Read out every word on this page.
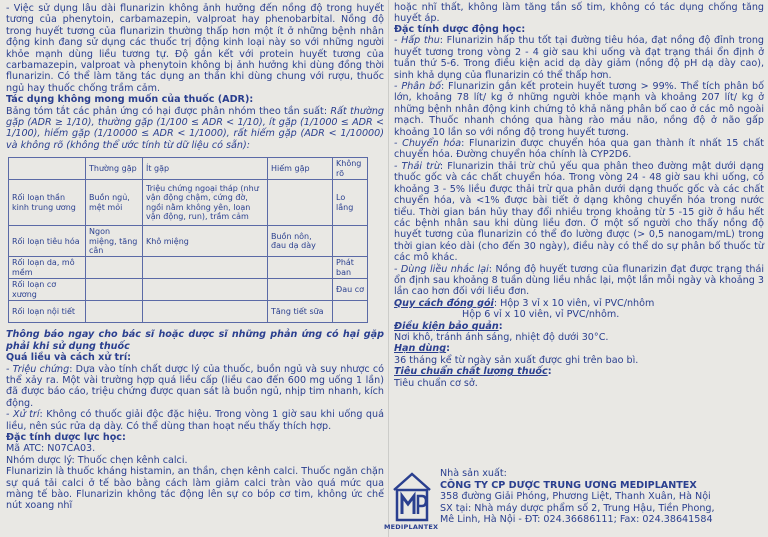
- Việc sử dụng lâu dài flunarizin không ảnh hưởng đến nồng độ trong huyết tương của phenytoin, carbamazepin, valproat hay phenobarbital. Nồng độ trong huyết tương của flunarizin thường thấp hơn một ít ở những bệnh nhân động kinh đang sử dụng các thuốc trị động kinh loại này so với những người khỏe mạnh dùng liều tương tự. Độ gắn kết với protein huyết tương của carbamazepin, valproat và phenytoin không bị ảnh hưởng khi dùng đồng thời flunarizin. Có thể làm tăng tác dụng an thần khi dùng chung với rượu, thuốc ngủ hay thuốc chống trầm cảm.

Tác dụng không mong muốn của thuốc (ADR):

Bảng tóm tắt các phản ứng có hại được phân nhóm theo tần suất: Rất thường gặp (ADR ≥ 1/10), thường gặp (1/100 ≤ ADR < 1/10), ít gặp (1/1000 ≤ ADR < 1/100), hiếm gặp (1/10000 ≤ ADR < 1/1000), rất hiếm gặp (ADR < 1/10000) và không rõ (không thể ước tính từ dữ liệu có sẵn):

	Thường gặp	Ít gặp	Hiếm gặp	Không rõ
Rối loạn thần kinh trung ương	Buồn ngủ, mệt mỏi	Triệu chứng ngoại tháp (như vận động chậm, cứng đờ, ngồi nằm không yên, loạn vận động, run), trầm cảm		Lo lắng
Rối loạn tiêu hóa	Ngon miệng, tăng cân	Khô miệng	Buồn nôn, đau dạ dày	
Rối loạn da, mô mềm				Phát ban
Rối loạn cơ xương				Đau cơ
Rối loạn nội tiết			Tăng tiết sữa	

Thông báo ngay cho bác sĩ hoặc dược sĩ những phản ứng có hại gặp phải khi sử dụng thuốc

Quá liều và cách xử trí:

- Triệu chứng: Dựa vào tính chất dược lý của thuốc, buồn ngủ và suy nhược có thể xảy ra. Một vài trường hợp quá liều cấp (liều cao đến 600 mg uống 1 lần) đã được báo cáo, triệu chứng được quan sát là buồn ngủ, nhịp tim nhanh, kích động.

- Xử trí: Không có thuốc giải độc đặc hiệu. Trong vòng 1 giờ sau khi uống quá liều, nên súc rửa dạ dày. Có thể dùng than hoạt nếu thấy thích hợp.

Đặc tính dược lực học:

Mã ATC: N07CA03.

Nhóm dược lý: Thuốc chẹn kênh calci.

Flunarizin là thuốc kháng histamin, an thần, chẹn kênh calci. Thuốc ngăn chặn sự quá tải calci ở tế bào bằng cách làm giảm calci tràn vào quá mức qua màng tế bào. Flunarizin không tác động lên sự co bóp cơ tim, không ức chế nút xoang nhĩ

hoặc nhĩ thất, không làm tăng tần số tim, không có tác dụng chống tăng huyết áp.

Đặc tính dược động học:

- Hấp thu: Flunarizin hấp thu tốt tại đường tiêu hóa, đạt nồng độ đỉnh trong huyết tương trong vòng 2 - 4 giờ sau khi uống và đạt trạng thái ổn định ở tuần thứ 5-6. Trong điều kiện acid dạ dày giảm (nồng độ pH dạ dày cao), sinh khả dụng của flunarizin có thể thấp hơn.

- Phân bố: Flunarizin gắn kết protein huyết tương > 99%. Thể tích phân bố lớn, khoảng 78 lít/ kg ở những người khỏe mạnh và khoảng 207 lít/ kg ở những bệnh nhân động kinh chứng tỏ khả năng phân bố cao ở các mô ngoài mạch. Thuốc nhanh chóng qua hàng rào máu não, nồng độ ở não gấp khoảng 10 lần so với nồng độ trong huyết tương.

- Chuyển hóa: Flunarizin được chuyển hóa qua gan thành ít nhất 15 chất chuyển hóa. Đường chuyển hóa chính là CYP2D6.

- Thải trừ: Flunarizin thải trừ chủ yếu qua phân theo đường mật dưới dạng thuốc gốc và các chất chuyển hóa. Trong vòng 24 - 48 giờ sau khi uống, có khoảng 3 - 5% liều được thải trừ qua phân dưới dạng thuốc gốc và các chất chuyển hóa, và <1% được bài tiết ở dạng không chuyển hóa trong nước tiểu. Thời gian bán hủy thay đổi nhiều trong khoảng từ 5 -15 giờ ở hầu hết các bệnh nhân sau khi dùng liều đơn. Ở một số người cho thấy nồng độ huyết tương của flunarizin có thể đo lường được (> 0,5 nanogam/mL) trong thời gian kéo dài (cho đến 30 ngày), điều này có thể do sự phân bố thuốc từ các mô khác.

- Dùng liều nhắc lại: Nồng độ huyết tương của flunarizin đạt được trạng thái ổn định sau khoảng 8 tuần dùng liều nhắc lại, một lần mỗi ngày và khoảng 3 lần cao hơn đối với liều đơn.

Quy cách đóng gói: Hộp 3 vỉ x 10 viên, vỉ PVC/nhôm

Hộp 6 vỉ x 10 viên, vỉ PVC/nhôm.

Điều kiện bảo quản:

Nơi khô, tránh ánh sáng, nhiệt độ dưới 30°C.

Hạn dùng:

36 tháng kể từ ngày sản xuất được ghi trên bao bì.

Tiêu chuẩn chất lượng thuốc:

Tiêu chuẩn cơ sở.

MEDIPLANTEX

Nhà sản xuất:

CÔNG TY CP DƯỢC TRUNG ƯƠNG MEDIPLANTEX

358 đường Giải Phóng, Phương Liệt, Thanh Xuân, Hà Nội

SX tại: Nhà máy dược phẩm số 2, Trung Hậu, Tiền Phong,

Mê Linh, Hà Nội - ĐT: 024.36686111; Fax: 024.38641584
